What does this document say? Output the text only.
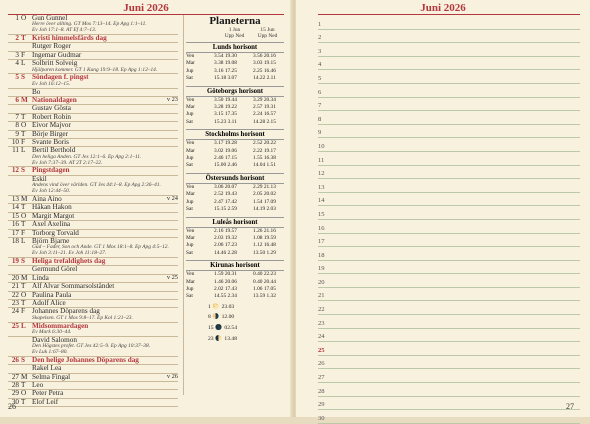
Juni 2026	Juni 2026
1 O Gun Gunnel
Herre över allting. GT Mos 7:13–14. Ep Apg 1:1–11.
Ev Joh 17:1–8. AT Ef 4:7–13.
2 T Kristi himmelsfärds dag
Rutger Roger
3 F Ingemar Gudmar
4 L Solbritt Solveig
Hjälparen kommer. GT 1 Kung 19:9–18. Ep Apg 1:12–14.
5 S Söndagen f. pingst
Ev Joh 16:12–15.
Bo
6 M Nationaldagen	v 23
Gustav Gösta
7 T Robert Robin
8 O Eivor Majvor
9 T Börje Birger
10 F Svante Boris
11 L Bertil Berthold
Den heliga Anden. GT Jes 12:1–6. Ep Apg 2:1–11.
Ev Joh 7:37–39. AT 2T 2:17–22.
12 S Pingstdagen
Eskil
Andens vind över världen. GT Jes 44:1–8. Ep Apg 2:36–41.
Ev Joh 12:44–50.
13 M Aina Aino	v 24
14 T Håkan Hakon
15 O Margit Margot
16 T Axel Axelina
17 F Torborg Torvald
18 L Björn Bjarne
Gud – Fader, Son och Ande. GT 1 Mos 18:1–8. Ep Apg 4:5–12.
Ev Joh 3:11–21. Ev Joh 11:18–27.
19 S Heliga trefaldighets dag
Germund Görel
20 M Linda	v 25
21 T Alf Alvar Sommarsolståndet
22 O Paulina Paula
23 T Adolf Alice
24 F Johannes Döparens dag
Skapelsen. GT 1 Mos 9:8–17. Ep Kol 1:21–23.
25 L Midsommardagen
Ev Mark 6:30–44.
David Salomon
Den Högstes profet. GT Jes 42:5–9. Ep Apg 10:37–38.
Ev Luk 1:67–80.
26 S Den helige Johannes Döparens dag
Rakel Lea
27 M Selma Fingal	v 26
28 T Leo
29 O Peter Petra
30 T Elof Leif
Planeterna
1 Jun	15 Jun
Upp Ned	Upp Ned
Lunds horisont
Ven	3.54 19.30	3.56 20.16
Mar	3.38 19.08	3.03 19.15
Jup	3.16 17.25	2.25 16.46
Sat	15.18 3.07	14.22 2.11
Göteborgs horisont
Ven	3.50 19.44	3.29 20.34
Mar	3.28 19.22	2.57 19.31
Jup	3.15 17.35	2.24 16.57
Sat	15.23 3.11	14.28 2.15
Stockholms horisont
Ven	3.17 19.28	2.52 20.22
Mar	3.02 19.06	2.22 19.17
Jup	2.46 17.15	1.55 16.38
Sat	15.00 2.46	14.04 1.51
Östersunds horisont
Ven	3.06 20.07	2.29 21.13
Mar	2.52 19.43	2.05 20.02
Jup	2.47 17.42	1.54 17.09
Sat	15.15 2.59	14.19 2.03
Luleås horisont
Ven	2.16 19.57	1.26 21.16
Mar	2.03 19.32	1.08 19.59
Jup	2.06 17.23	1.12 16.48
Sat	14.46 2.28	13.50 1.29
Kirunas horisont
Ven	1.59 20.31	0.40 22.23
Mar	1.46 20.06	0.40 20.44
Jup	2.02 17.43	1.06 17.05
Sat	14.55 2.34	13.59 1.32
1 🌕 23.03
8 🌗 12.00
15 🌑 02.54
23 🌓 13.48
1
2
3
4
5
6
7
8
9
10
11
12
13
14
15
16
17
18
19
20
21
22
23
24
25
26
27
28
29
30
26	27
